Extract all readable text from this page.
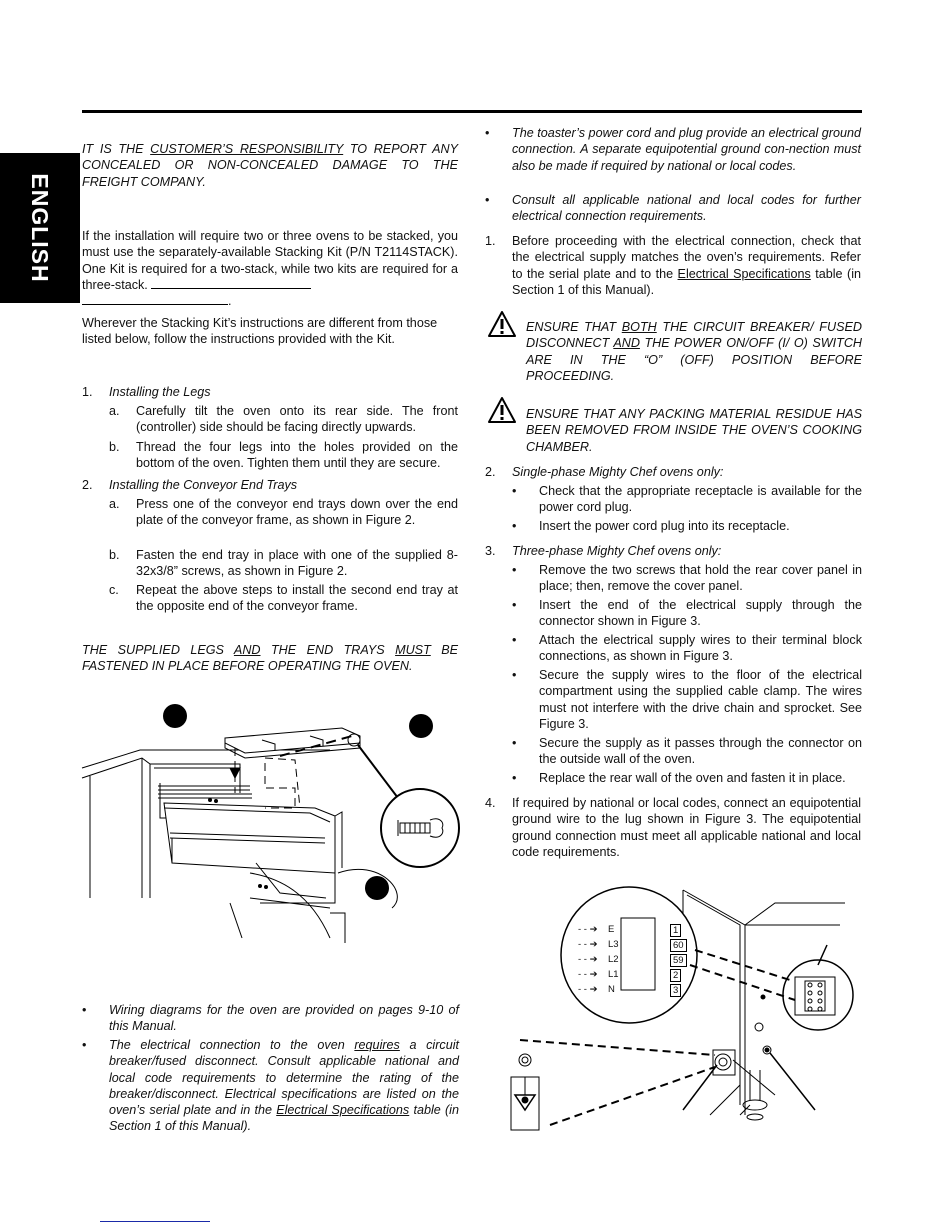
ENGLISH
IT IS THE CUSTOMER’S RESPONSIBILITY TO REPORT ANY CONCEALED OR NON-CONCEALED DAMAGE TO THE FREIGHT COMPANY.
If the installation will require two or three ovens to be stacked, you must use the separately-available Stacking Kit (P/N T2114STACK). One Kit is required for a two-stack, while two kits are required for a three-stack.
.
Wherever the Stacking Kit’s instructions are different from those listed below, follow the instructions provided with the Kit.
1. Installing the Legs
a. Carefully tilt the oven onto its rear side. The front (controller) side should be facing directly upwards.
b. Thread the four legs into the holes provided on the bottom of the oven. Tighten them until they are secure.
2. Installing the Conveyor End Trays
a. Press one of the conveyor end trays down over the end plate of the conveyor frame, as shown in Figure 2.
b. Fasten the end tray in place with one of the supplied 8-32x3/8” screws, as shown in Figure 2.
c. Repeat the above steps to install the second end tray at the opposite end of the conveyor frame.
THE SUPPLIED LEGS AND THE END TRAYS MUST BE FASTENED IN PLACE BEFORE OPERATING THE OVEN.
• Wiring diagrams for the oven are provided on pages 9-10 of this Manual.
• The electrical connection to the oven requires a circuit breaker/fused disconnect. Consult applicable national and local code requirements to determine the rating of the breaker/disconnect. Electrical specifications are listed on the oven’s serial plate and in the Electrical Specifications table (in Section 1 of this Manual).
• The toaster’s power cord and plug provide an electrical ground connection. A separate equipotential ground con-nection must also be made if required by national or local codes.
• Consult all applicable national and local codes for further electrical connection requirements.
1. Before proceeding with the electrical connection, check that the electrical supply matches the oven’s requirements. Refer to the serial plate and to the Electrical Specifications table (in Section 1 of this Manual).
ENSURE THAT BOTH THE CIRCUIT BREAKER/ FUSED DISCONNECT AND THE POWER ON/OFF (I/ O) SWITCH ARE IN THE “O” (OFF) POSITION BEFORE PROCEEDING.
ENSURE THAT ANY PACKING MATERIAL RESIDUE HAS BEEN REMOVED FROM INSIDE THE OVEN’S COOKING CHAMBER.
2. Single-phase Mighty Chef ovens only:
• Check that the appropriate receptacle is available for the power cord plug.
• Insert the power cord plug into its receptacle.
3. Three-phase Mighty Chef ovens only:
• Remove the two screws that hold the rear cover panel in place; then, remove the cover panel.
• Insert the end of the electrical supply through the connector shown in Figure 3.
• Attach the electrical supply wires to their terminal block connections, as shown in Figure 3.
• Secure the supply wires to the floor of the electrical compartment using the supplied cable clamp. The wires must not interfere with the drive chain and sprocket. See Figure 3.
• Secure the supply as it passes through the connector on the outside wall of the oven.
• Replace the rear wall of the oven and fasten it in place.
4. If required by national or local codes, connect an equipotential ground wire to the lug shown in Figure 3. The equipotential ground connection must meet all applicable national and local code requirements.
- - ➔ E	1
- - ➔ L3	60
- - ➔ L2	59
- - ➔ L1	2
- - ➔ N	3
